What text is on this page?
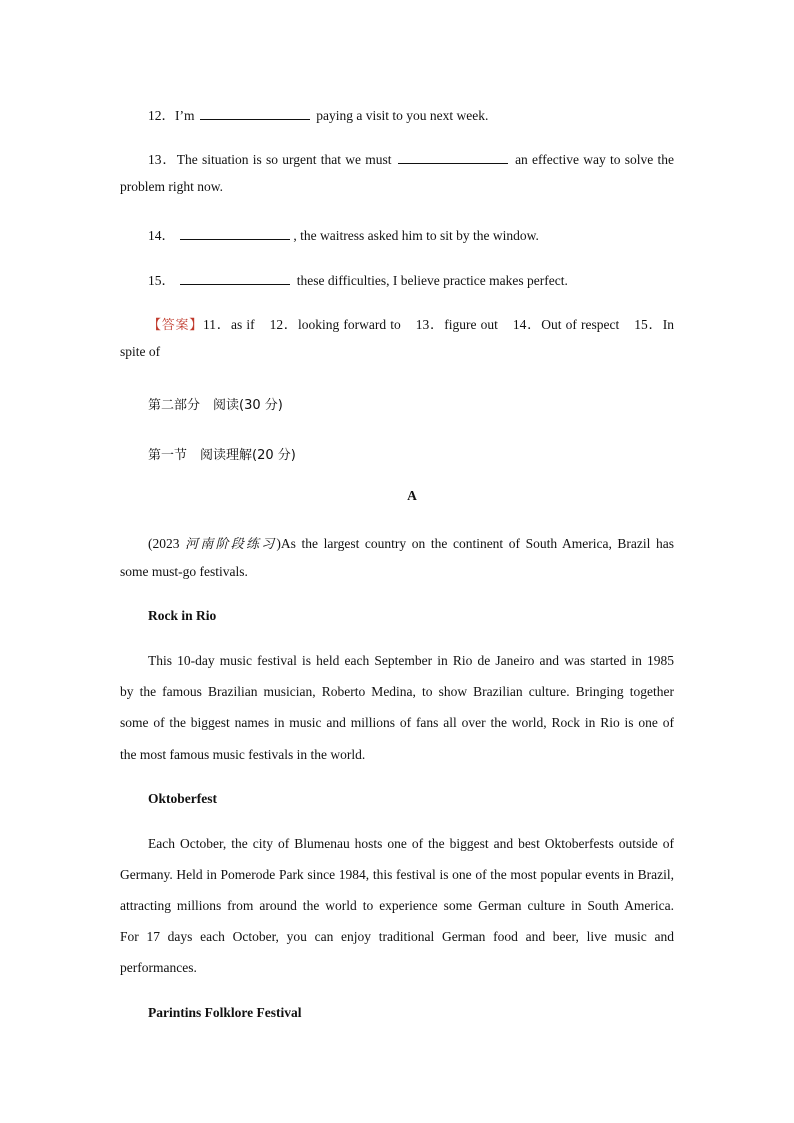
12．I’m	paying a visit to you next week.
13．The situation is so urgent that we must	an effective way to solve the
problem right now.
14．	, the waitress asked him to sit by the window.
15．	these difficulties, I believe practice makes perfect.
【答案】11．as if　12．looking forward to　13．figure out　14．Out of respect　15．In
spite of
第二部分　阅读(30 分)
第一节　阅读理解(20 分)
A
(2023 河南阶段练习)As the largest country on the continent of South America, Brazil has
some must-go festivals.
Rock in Rio
This 10-day music festival is held each September in Rio de Janeiro and was started in 1985
by the famous Brazilian musician, Roberto Medina, to show Brazilian culture. Bringing together
some of the biggest names in music and millions of fans all over the world, Rock in Rio is one of
the most famous music festivals in the world.
Oktoberfest
Each October, the city of Blumenau hosts one of the biggest and best Oktoberfests outside of
Germany. Held in Pomerode Park since 1984, this festival is one of the most popular events in Brazil,
attracting millions from around the world to experience some German culture in South America.
For 17 days each October, you can enjoy traditional German food and beer, live music and
performances.
Parintins Folklore Festival
